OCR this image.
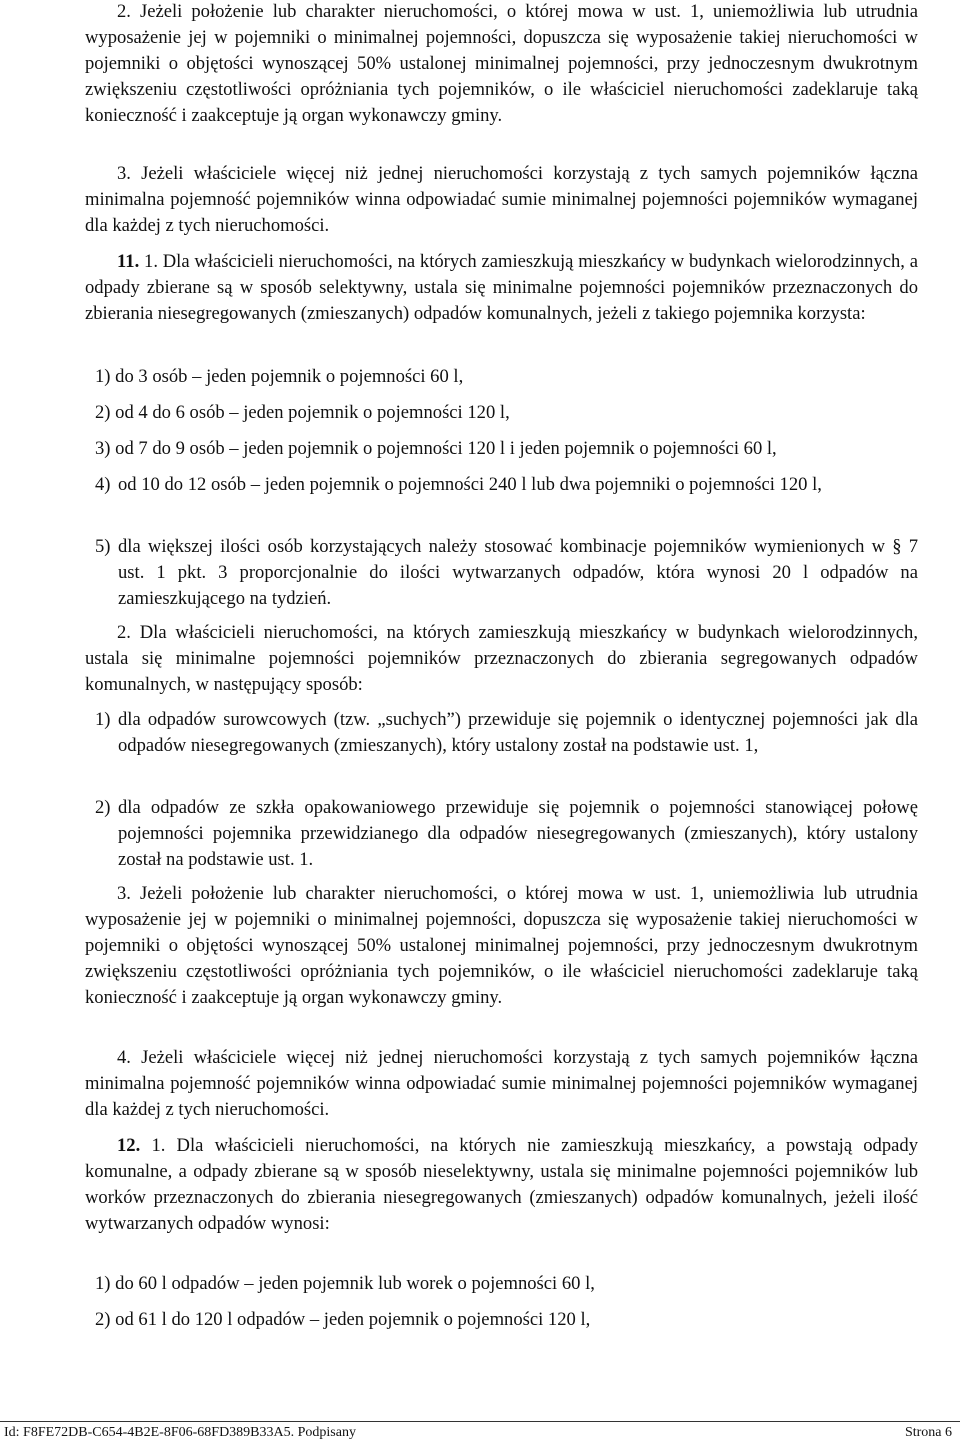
2. Jeżeli położenie lub charakter nieruchomości, o której mowa w ust. 1, uniemożliwia lub utrudnia wyposażenie jej w pojemniki o minimalnej pojemności, dopuszcza się wyposażenie takiej nieruchomości w pojemniki o objętości wynoszącej 50% ustalonej minimalnej pojemności, przy jednoczesnym dwukrotnym zwiększeniu częstotliwości opróżniania tych pojemników, o ile właściciel nieruchomości zadeklaruje taką konieczność i zaakceptuje ją organ wykonawczy gminy.

3. Jeżeli właściciele więcej niż jednej nieruchomości korzystają z tych samych pojemników łączna minimalna pojemność pojemników winna odpowiadać sumie minimalnej pojemności pojemników wymaganej dla każdej z tych nieruchomości.

11. 1. Dla właścicieli nieruchomości, na których zamieszkują mieszkańcy w budynkach wielorodzinnych, a odpady zbierane są w sposób selektywny, ustala się minimalne pojemności pojemników przeznaczonych do zbierania niesegregowanych (zmieszanych) odpadów komunalnych, jeżeli z takiego pojemnika korzysta:

1) do 3 osób – jeden pojemnik o pojemności 60 l,
2) od 4 do 6 osób – jeden pojemnik o pojemności 120 l,
3) od 7 do 9 osób – jeden pojemnik o pojemności 120 l i jeden pojemnik o pojemności 60 l,
4) od 10 do 12 osób – jeden pojemnik o pojemności 240 l lub dwa pojemniki o pojemności 120 l,
5) dla większej ilości osób korzystających należy stosować kombinacje pojemników wymienionych w § 7 ust. 1 pkt. 3 proporcjonalnie do ilości wytwarzanych odpadów, która wynosi 20 l odpadów na zamieszkującego na tydzień.

2. Dla właścicieli nieruchomości, na których zamieszkują mieszkańcy w budynkach wielorodzinnych, ustala się minimalne pojemności pojemników przeznaczonych do zbierania segregowanych odpadów komunalnych, w następujący sposób:

1) dla odpadów surowcowych (tzw. „suchych”) przewiduje się pojemnik o identycznej pojemności jak dla odpadów niesegregowanych (zmieszanych), który ustalony został na podstawie ust. 1,
2) dla odpadów ze szkła opakowaniowego przewiduje się pojemnik o pojemności stanowiącej połowę pojemności pojemnika przewidzianego dla odpadów niesegregowanych (zmieszanych), który ustalony został na podstawie ust. 1.

3. Jeżeli położenie lub charakter nieruchomości, o której mowa w ust. 1, uniemożliwia lub utrudnia wyposażenie jej w pojemniki o minimalnej pojemności, dopuszcza się wyposażenie takiej nieruchomości w pojemniki o objętości wynoszącej 50% ustalonej minimalnej pojemności, przy jednoczesnym dwukrotnym zwiększeniu częstotliwości opróżniania tych pojemników, o ile właściciel nieruchomości zadeklaruje taką konieczność i zaakceptuje ją organ wykonawczy gminy.

4. Jeżeli właściciele więcej niż jednej nieruchomości korzystają z tych samych pojemników łączna minimalna pojemność pojemników winna odpowiadać sumie minimalnej pojemności pojemników wymaganej dla każdej z tych nieruchomości.

12. 1. Dla właścicieli nieruchomości, na których nie zamieszkują mieszkańcy, a powstają odpady komunalne, a odpady zbierane są w sposób nieselektywny, ustala się minimalne pojemności pojemników lub worków przeznaczonych do zbierania niesegregowanych (zmieszanych) odpadów komunalnych, jeżeli ilość wytwarzanych odpadów wynosi:

1) do 60 l odpadów – jeden pojemnik lub worek o pojemności 60 l,
2) od 61 l do 120 l odpadów – jeden pojemnik o pojemności 120 l,
Id: F8FE72DB-C654-4B2E-8F06-68FD389B33A5. Podpisany	Strona 6
